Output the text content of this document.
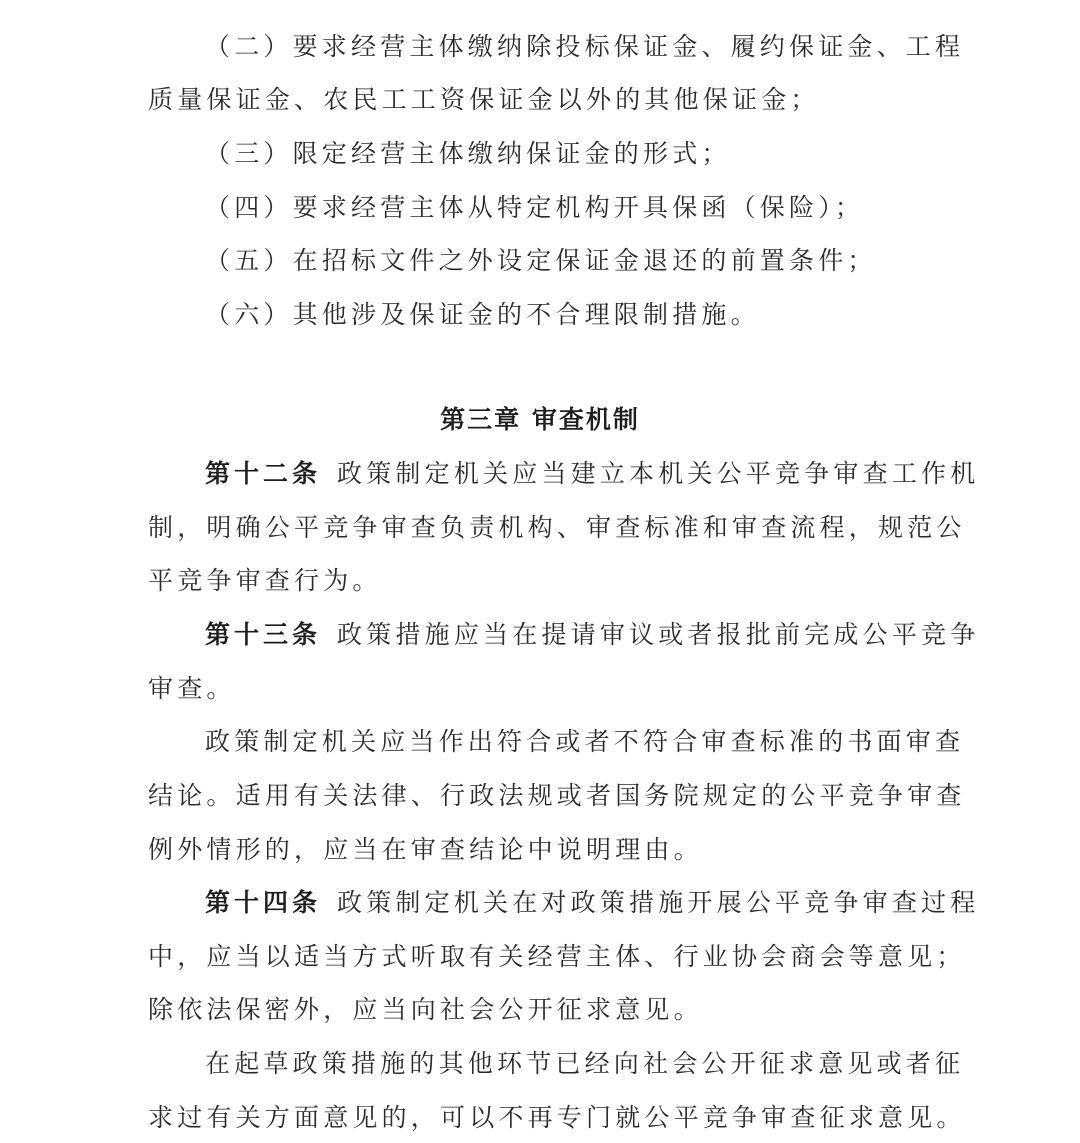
（二）要求经营主体缴纳除投标保证金、履约保证金、工程

质量保证金、农民工工资保证金以外的其他保证金；

（三）限定经营主体缴纳保证金的形式；

（四）要求经营主体从特定机构开具保函（保险）；

（五）在招标文件之外设定保证金退还的前置条件；

（六）其他涉及保证金的不合理限制措施。

第三章 审查机制

第十二条 政策制定机关应当建立本机关公平竞争审查工作机

制，明确公平竞争审查负责机构、审查标准和审查流程，规范公

平竞争审查行为。

第十三条 政策措施应当在提请审议或者报批前完成公平竞争

审查。

政策制定机关应当作出符合或者不符合审查标准的书面审查

结论。适用有关法律、行政法规或者国务院规定的公平竞争审查

例外情形的，应当在审查结论中说明理由。

第十四条 政策制定机关在对政策措施开展公平竞争审查过程

中，应当以适当方式听取有关经营主体、行业协会商会等意见；

除依法保密外，应当向社会公开征求意见。

在起草政策措施的其他环节已经向社会公开征求意见或者征

求过有关方面意见的，可以不再专门就公平竞争审查征求意见。
